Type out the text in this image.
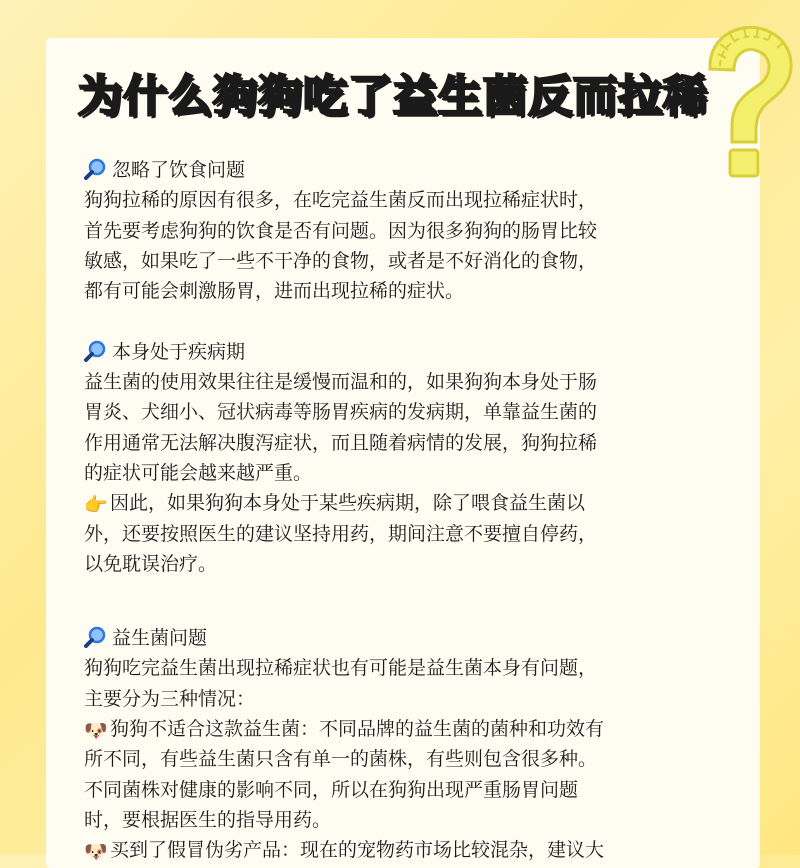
为什么狗狗吃了益生菌反而拉稀
忽略了饮食问题
狗狗拉稀的原因有很多，在吃完益生菌反而出现拉稀症状时，
首先要考虑狗狗的饮食是否有问题。因为很多狗狗的肠胃比较
敏感，如果吃了一些不干净的食物，或者是不好消化的食物，
都有可能会刺激肠胃，进而出现拉稀的症状。
本身处于疾病期
益生菌的使用效果往往是缓慢而温和的，如果狗狗本身处于肠
胃炎、犬细小、冠状病毒等肠胃疾病的发病期，单靠益生菌的
作用通常无法解决腹泻症状，而且随着病情的发展，狗狗拉稀
的症状可能会越来越严重。
👉 因此，如果狗狗本身处于某些疾病期，除了喂食益生菌以
外，还要按照医生的建议坚持用药，期间注意不要擅自停药，
以免耽误治疗。
益生菌问题
狗狗吃完益生菌出现拉稀症状也有可能是益生菌本身有问题，
主要分为三种情况：
🐶 狗狗不适合这款益生菌：不同品牌的益生菌的菌种和功效有
所不同，有些益生菌只含有单一的菌株，有些则包含很多种。
不同菌株对健康的影响不同，所以在狗狗出现严重肠胃问题
时，要根据医生的指导用药。
🐶 买到了假冒伪劣产品：现在的宠物药市场比较混杂，建议大
